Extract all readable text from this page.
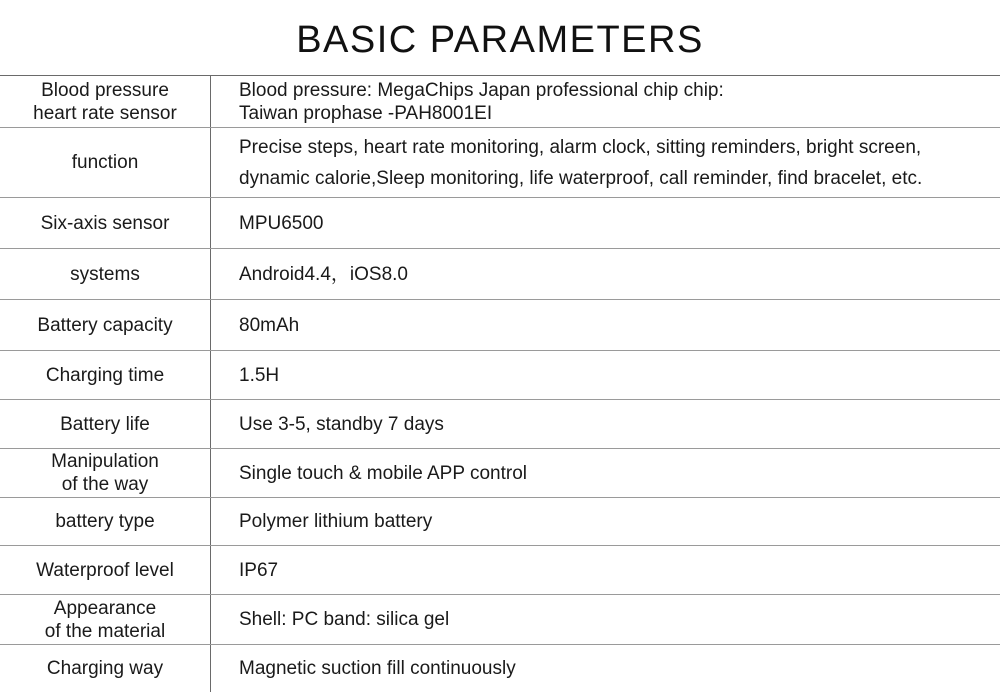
BASIC PARAMETERS
Blood pressure
heart rate sensor	Blood pressure: MegaChips Japan professional chip chip:
Taiwan prophase -PAH8001EI

function	Precise steps, heart rate monitoring, alarm clock, sitting reminders, bright screen,
dynamic calorie,Sleep monitoring, life waterproof, call reminder, find bracelet, etc.

Six-axis sensor	MPU6500

systems	Android4.4，iOS8.0

Battery capacity	80mAh

Charging time	1.5H

Battery life	Use 3-5, standby 7 days

Manipulation
of the way	Single touch & mobile APP control

battery type	Polymer lithium battery

Waterproof level	IP67

Appearance
of the material	Shell: PC band: silica gel

Charging way	Magnetic suction fill continuously
